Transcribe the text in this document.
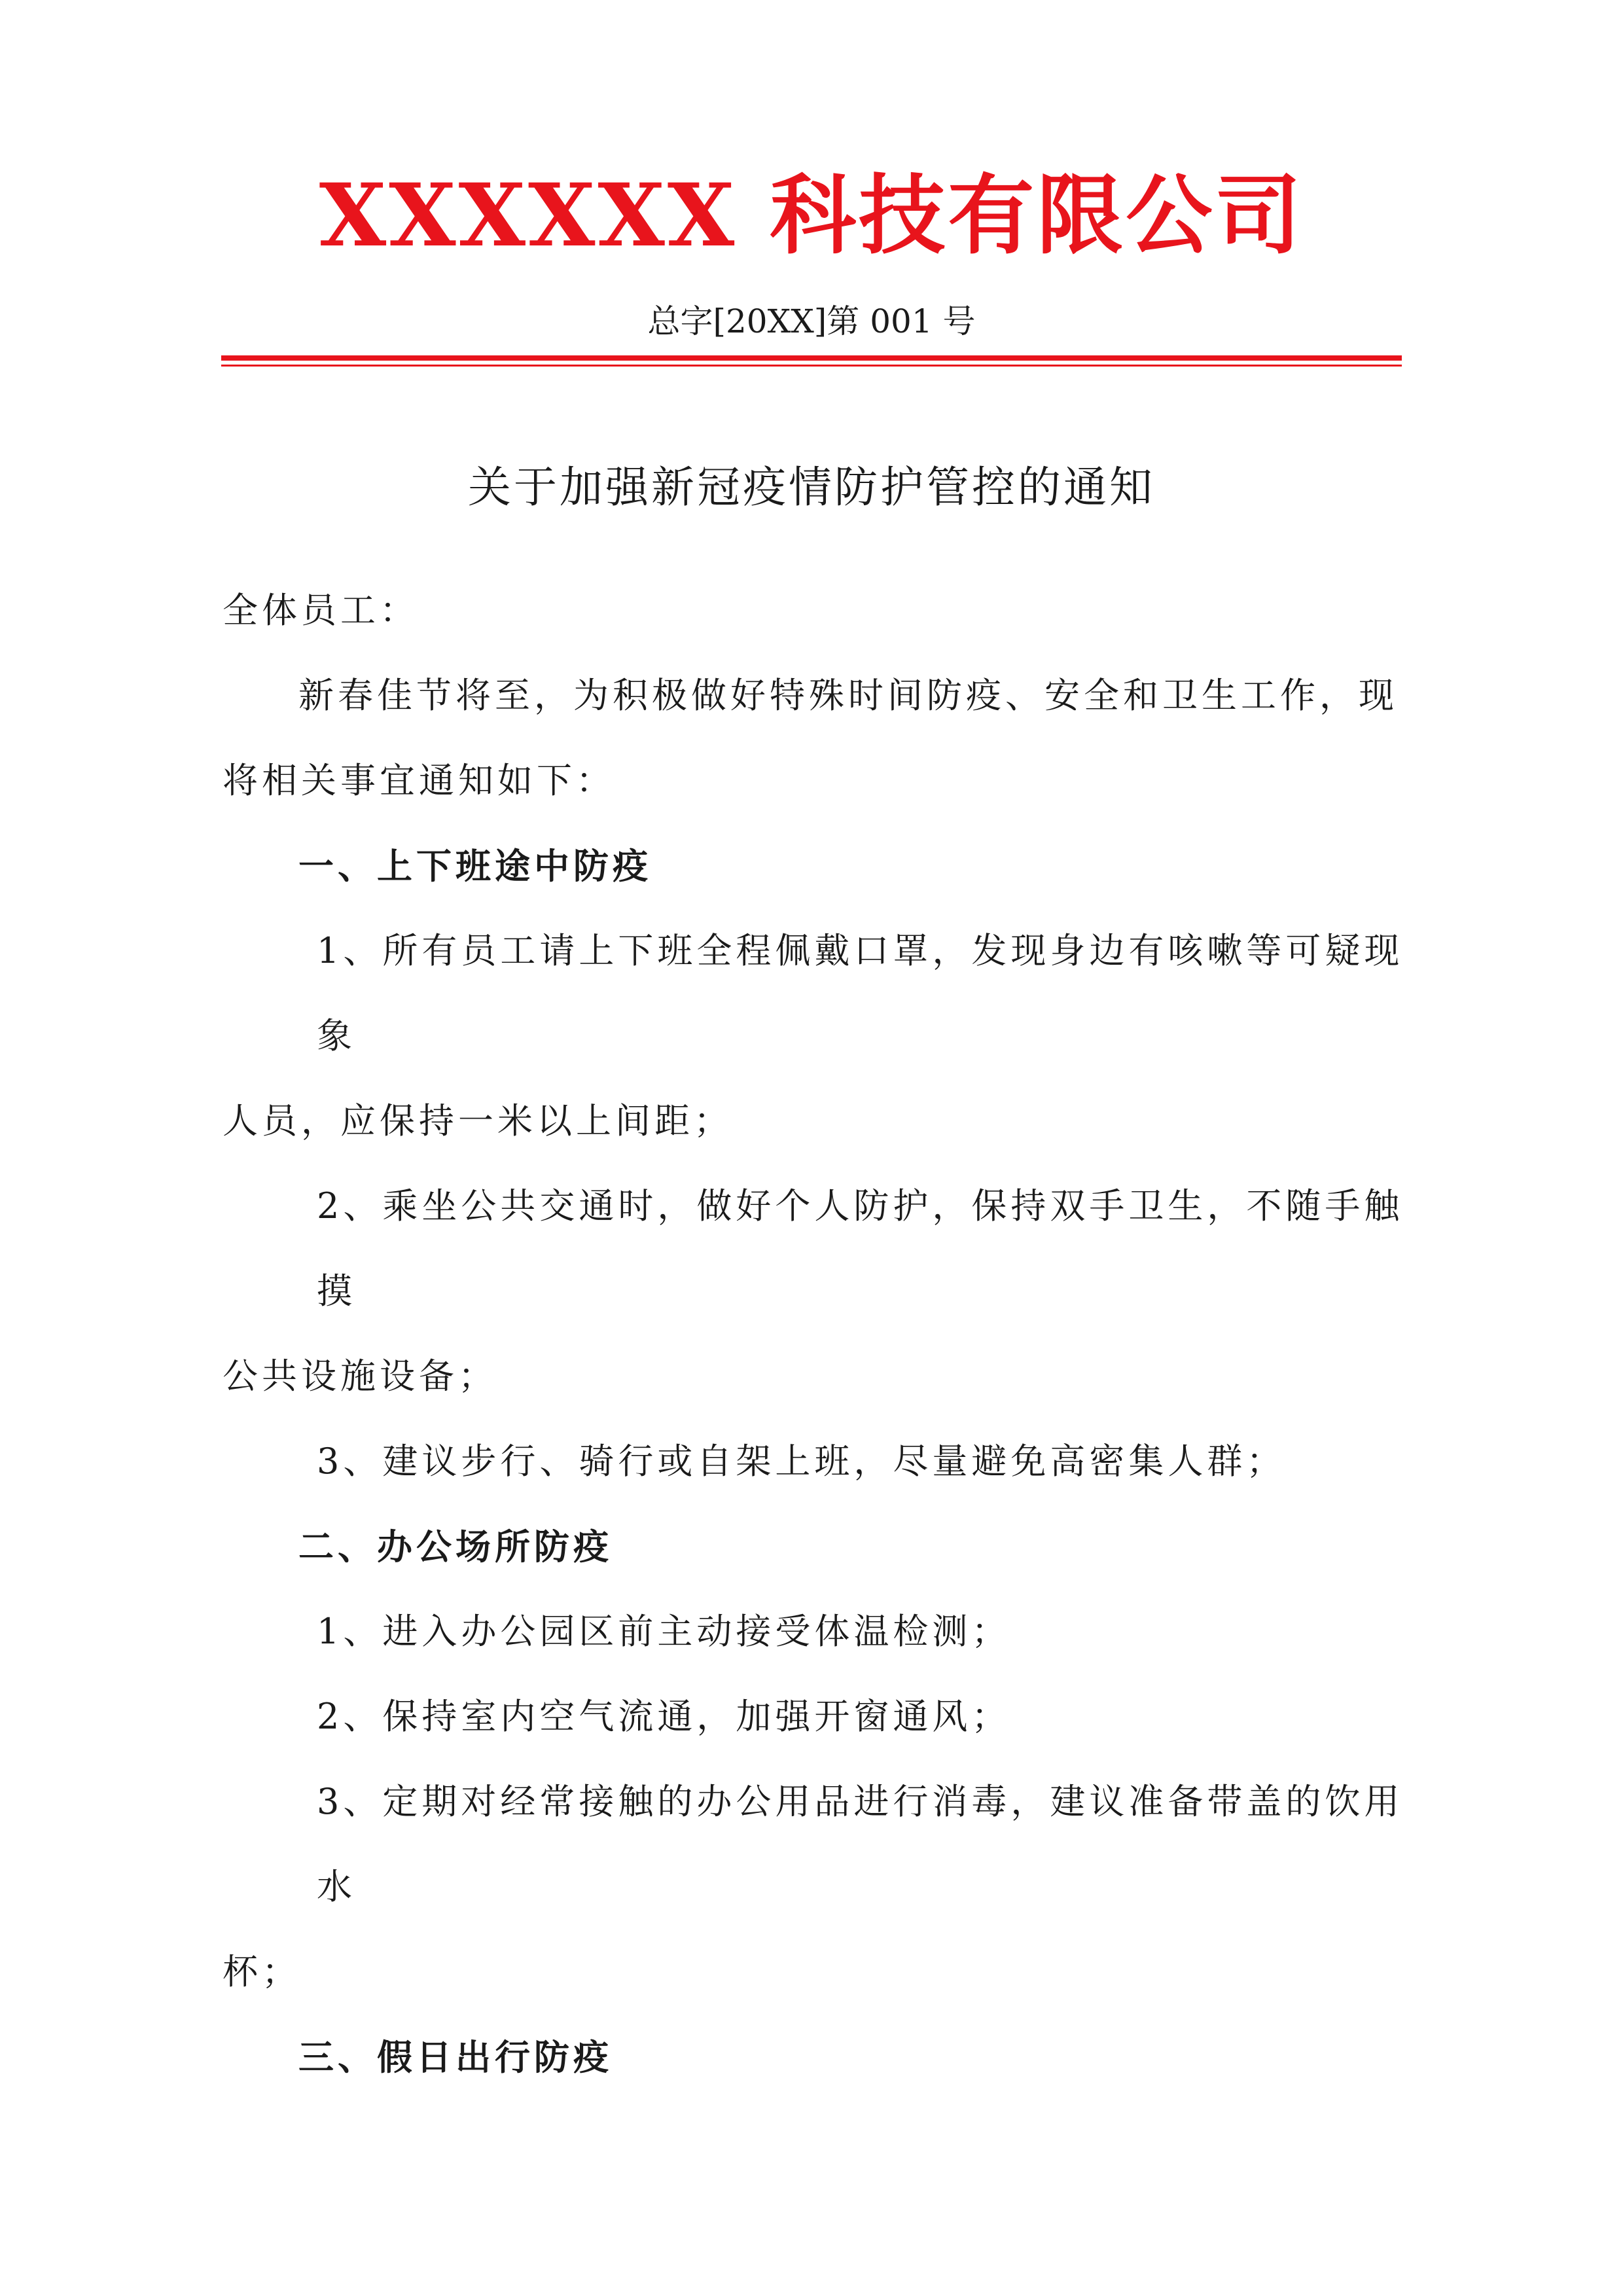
XXXXXX 科技有限公司
总字[20XX]第 001 号
关于加强新冠疫情防护管控的通知
全体员工：
新春佳节将至，为积极做好特殊时间防疫、安全和卫生工作，现
将相关事宜通知如下：
一、上下班途中防疫
1、所有员工请上下班全程佩戴口罩，发现身边有咳嗽等可疑现
象
人员，应保持一米以上间距；
2、乘坐公共交通时，做好个人防护，保持双手卫生，不随手触
摸
公共设施设备；
3、建议步行、骑行或自架上班，尽量避免高密集人群；
二、办公场所防疫
1、进入办公园区前主动接受体温检测；
2、保持室内空气流通，加强开窗通风；
3、定期对经常接触的办公用品进行消毒，建议准备带盖的饮用
水
杯；
三、假日出行防疫
